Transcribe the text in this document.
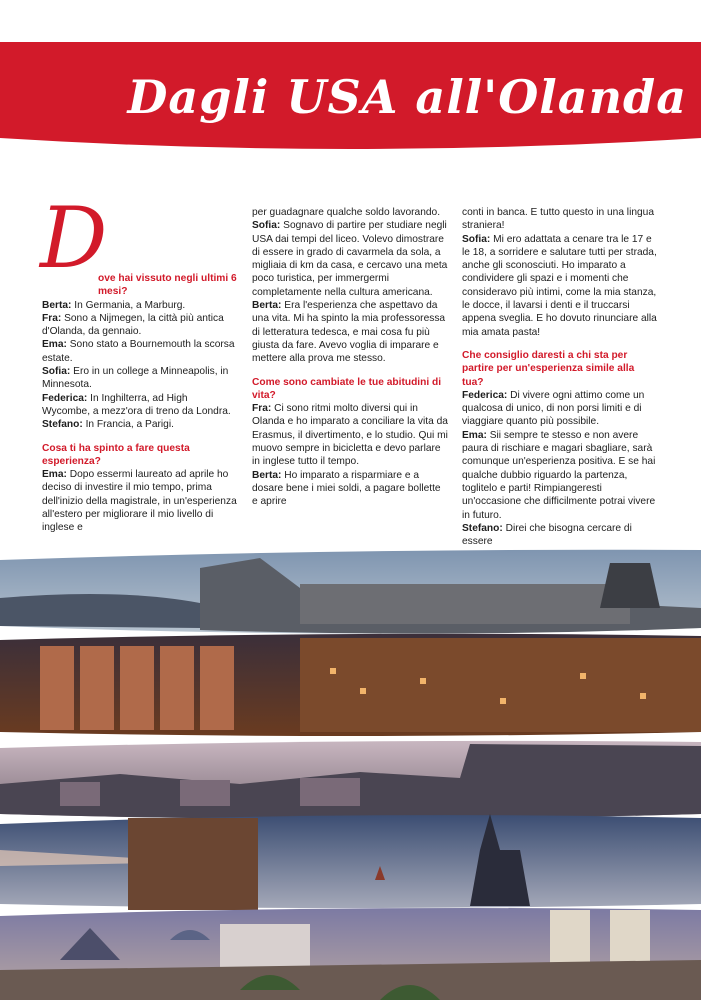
Dagli USA all'Olanda
D

ove hai vissuto negli ultimi 6 mesi?

Berta: In Germania, a Marburg.

Fra: Sono a Nijmegen, la città più antica d'Olanda, da gennaio.

Ema: Sono stato a Bournemouth la scorsa estate.

Sofia: Ero in un college a Minneapolis, in Minnesota.

Federica: In Inghilterra, ad High Wycombe, a mezz'ora di treno da Londra.

Stefano: In Francia, a Parigi.

Cosa ti ha spinto a fare questa esperienza?

Ema: Dopo essermi laureato ad aprile ho deciso di investire il mio tempo, prima dell'inizio della magistrale, in un'esperienza all'estero per migliorare il mio livello di inglese e

per guadagnare qualche soldo lavorando.

Sofia: Sognavo di partire per studiare negli USA dai tempi del liceo. Volevo dimostrare di essere in grado di cavarmela da sola, a migliaia di km da casa, e cercavo una meta poco turistica, per immergermi completamente nella cultura americana.

Berta: Era l'esperienza che aspettavo da una vita. Mi ha spinto la mia professoressa di letteratura tedesca, e mai cosa fu più giusta da fare. Avevo voglia di imparare e mettere alla prova me stesso.

Come sono cambiate le tue abitudini di vita?

Fra: Ci sono ritmi molto diversi qui in Olanda e ho imparato a conciliare la vita da Erasmus, il divertimento, e lo studio. Qui mi muovo sempre in bicicletta e devo parlare in inglese tutto il tempo.

Berta: Ho imparato a risparmiare e a dosare bene i miei soldi, a pagare bollette e aprire

conti in banca. E tutto questo in una lingua straniera!

Sofia: Mi ero adattata a cenare tra le 17 e le 18, a sorridere e salutare tutti per strada, anche gli sconosciuti. Ho imparato a condividere gli spazi e i momenti che consideravo più intimi, come la mia stanza, le docce, il lavarsi i denti e il truccarsi appena sveglia. E ho dovuto rinunciare alla mia amata pasta!

Che consiglio daresti a chi sta per partire per un'esperienza simile alla tua?

Federica: Di vivere ogni attimo come un qualcosa di unico, di non porsi limiti e di viaggiare quanto più possibile.

Ema: Sii sempre te stesso e non avere paura di rischiare e magari sbagliare, sarà comunque un'esperienza positiva. E se hai qualche dubbio riguardo la partenza, toglitelo e parti! Rimpiangeresti un'occasione che difficilmente potrai vivere in futuro.

Stefano: Direi che bisogna cercare di essere
